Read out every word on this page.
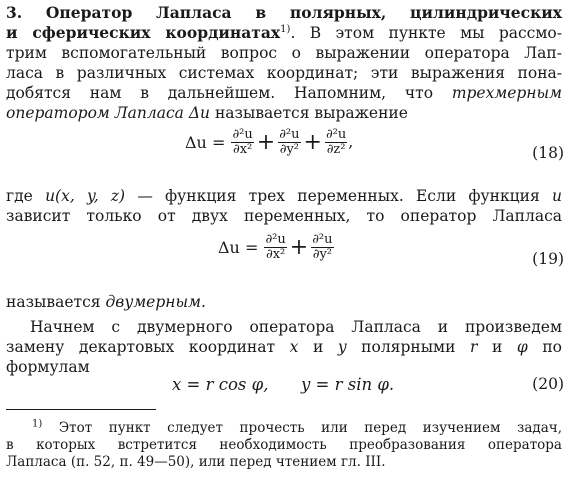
3. Оператор Лапласа в полярных, цилиндрических
и сферических координатах$^{1)}$. В этом пункте мы рассмо-
трим вспомогательный вопрос о выражении оператора Лап-
ласа в различных системах координат; эти выражения пона-
добятся нам в дальнейшем. Напомним, что трехмерным
оператором Лапласа Δu называется выражение
$\Delta u = \frac{\text{∂²u}}{\text{∂x²}} + \frac{\text{∂²u}}{\text{∂y²}} + \frac{\text{∂²u}}{\text{∂z²}}$ ,
(18)
где u(x, y, z) — функция трех переменных. Если функция u
зависит только от двух переменных, то оператор Лапласа
$\Delta u = \frac{\text{∂²u}}{\text{∂x²}} + \frac{\text{∂²u}}{\text{∂y²}}$	(19)
называется двумерным.
Начнем с двумерного оператора Лапласа и произведем
замену декартовых координат x и y полярными r и φ по
формулам
x = r cos φ, y = r sin φ.	(20)
$^{1)}$ Этот пункт следует прочесть или перед изучением задач,
в которых встретится необходимость преобразования оператора
Лапласа (п. 52, п. 49—50), или перед чтением гл. III.
